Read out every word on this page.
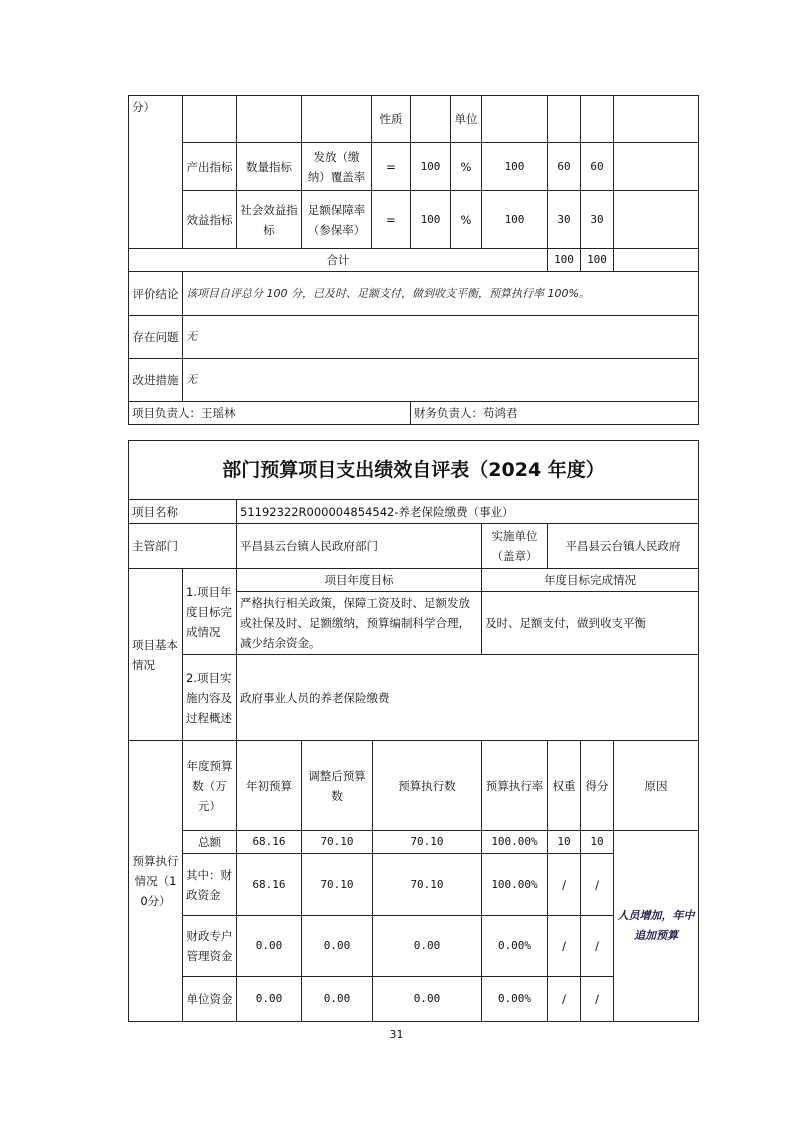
分）				性质		单位				
	产出指标	数量指标	发放（缴纳）覆盖率	=	100	%	100	60	60	
	效益指标	社会效益指标	足额保障率（参保率）	=	100	%	100	30	30	
合计								100	100	
评价结论	该项目自评总分 100 分，已及时、足额支付，做到收支平衡，预算执行率 100%。									
存在问题	无									
改进措施	无									
项目负责人：王瑶林					财务负责人：苟鸿君					
部门预算项目支出绩效自评表（2024 年度）								
项目名称		51192322R000004854542-养老保险缴费（事业）						
主管部门		平昌县云台镇人民政府部门			实施单位（盖章）	平昌县云台镇人民政府		
项目基本情况	1.项目年度目标完成情况	项目年度目标			年度目标完成情况			
		严格执行相关政策，保障工资及时、足额发放或社保及时、足额缴纳，预算编制科学合理，减少结余资金。			及时、足额支付，做到收支平衡			
	2.项目实施内容及过程概述	政府事业人员的养老保险缴费						
预算执行情况（10分）	年度预算数（万元）	年初预算	调整后预算数	预算执行数	预算执行率	权重	得分	原因
	总额	68.16	70.10	70.10	100.00%	10	10	人员增加，年中追加预算
	其中：财政资金	68.16	70.10	70.10	100.00%	/	/	
	财政专户管理资金	0.00	0.00	0.00	0.00%	/	/	
	单位资金	0.00	0.00	0.00	0.00%	/	/	
31
